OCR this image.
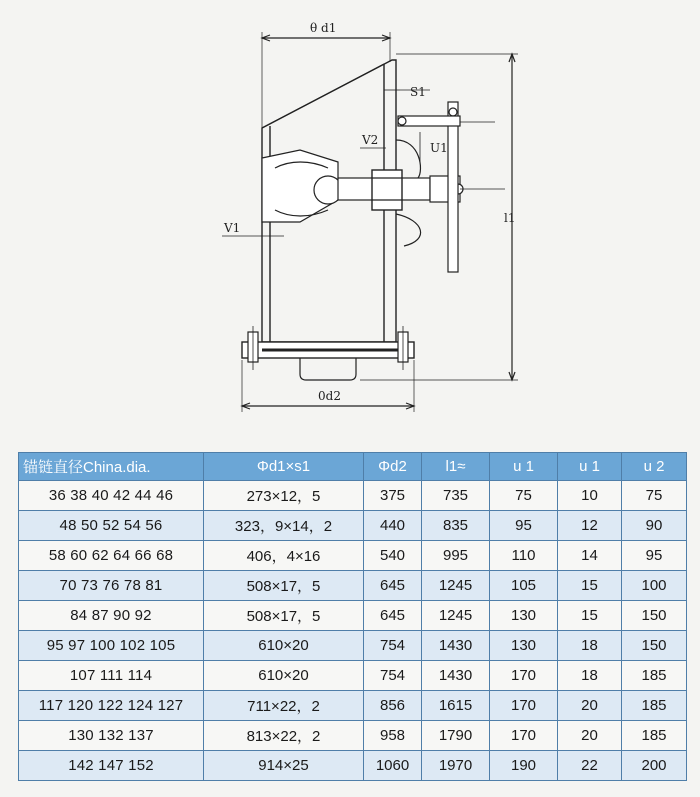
θ d1
S1
V2
U1
V1
l1
0d2
锚链直径China.dia.	Φd1×s1	Φd2	l1≈	u 1	u 1	u 2
36 38 40 42 44 46	273×12，5	375	735	75	10	75
48 50 52 54 56	323，9×14，2	440	835	95	12	90
58 60 62 64 66 68	406，4×16	540	995	110	14	95
70 73 76 78 81	508×17，5	645	1245	105	15	100
84 87 90 92	508×17，5	645	1245	130	15	150
95 97 100 102 105	610×20	754	1430	130	18	150
107 111 114	610×20	754	1430	170	18	185
117 120 122 124 127	711×22，2	856	1615	170	20	185
130 132 137	813×22，2	958	1790	170	20	185
142 147 152	914×25	1060	1970	190	22	200
